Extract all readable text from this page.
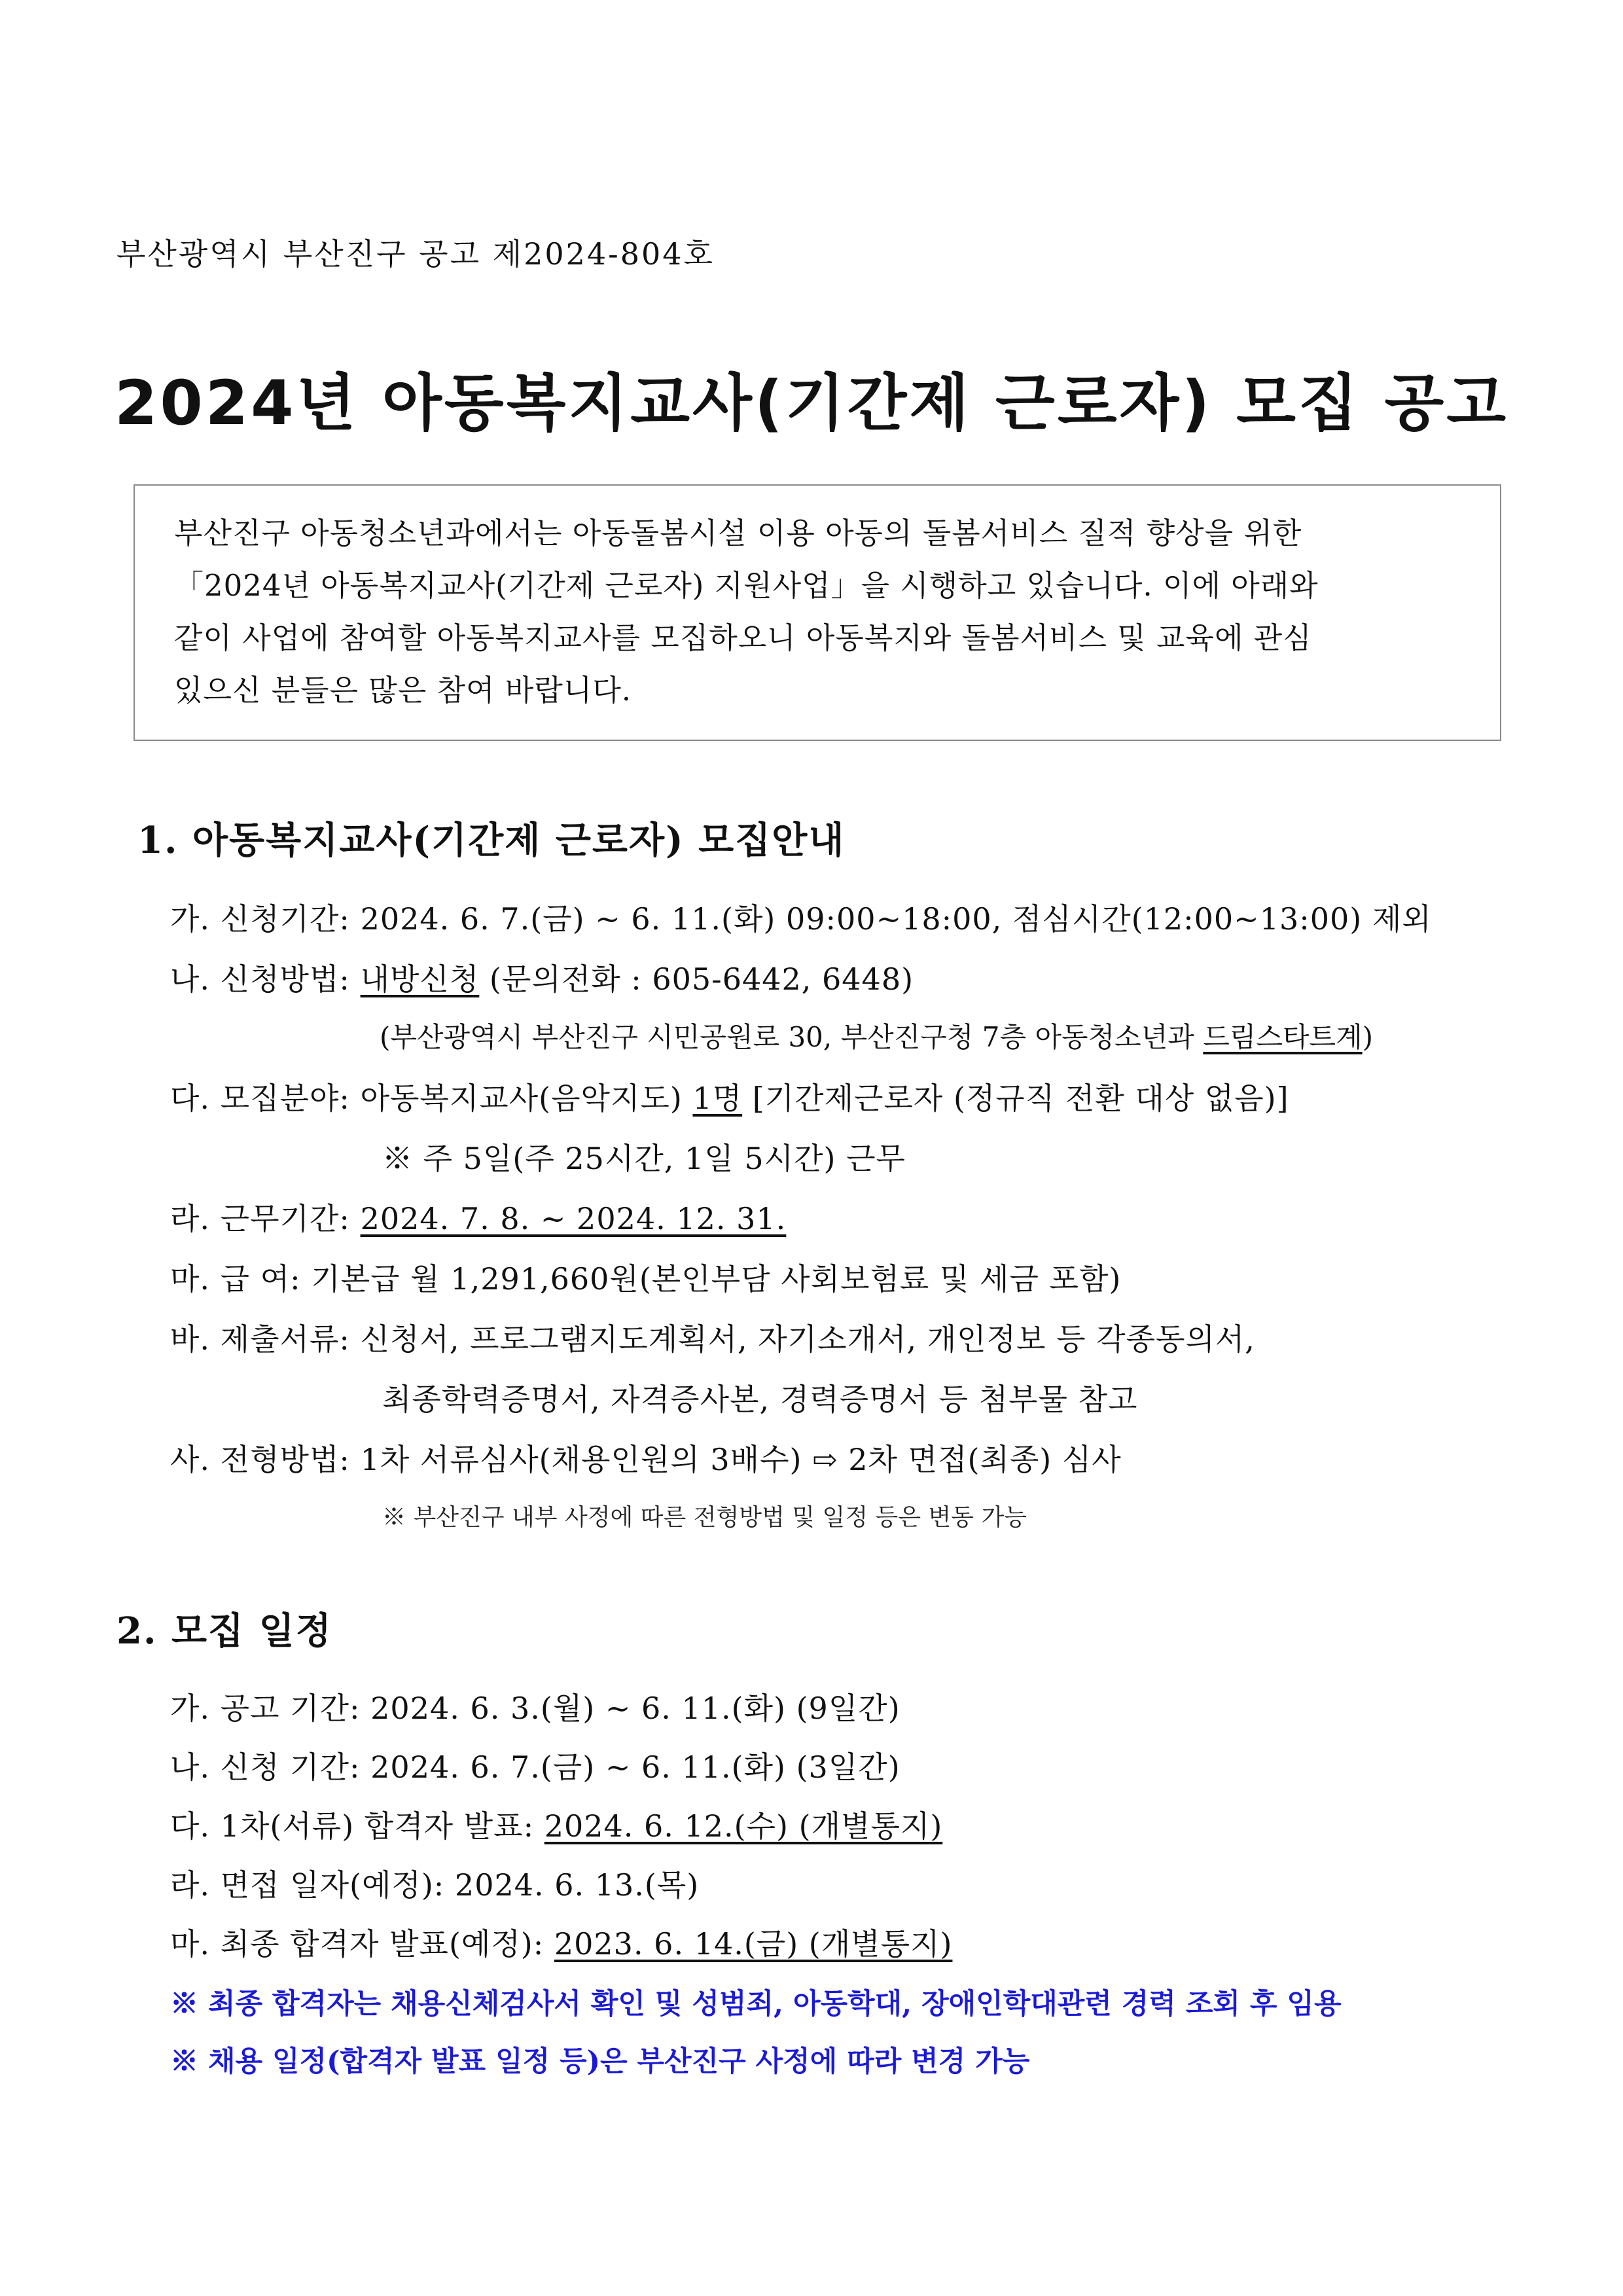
부산광역시 부산진구 공고 제2024-804호
2024년 아동복지교사(기간제 근로자) 모집 공고
부산진구 아동청소년과에서는 아동돌봄시설 이용 아동의 돌봄서비스 질적 향상을 위한
「2024년 아동복지교사(기간제 근로자) 지원사업」을 시행하고 있습니다. 이에 아래와
같이 사업에 참여할 아동복지교사를 모집하오니 아동복지와 돌봄서비스 및 교육에 관심
있으신 분들은 많은 참여 바랍니다.
1. 아동복지교사(기간제 근로자) 모집안내
가. 신청기간: 2024. 6. 7.(금) ~ 6. 11.(화) 09:00~18:00, 점심시간(12:00~13:00) 제외
나. 신청방법: 내방신청 (문의전화 : 605-6442, 6448)
(부산광역시 부산진구 시민공원로 30, 부산진구청 7층 아동청소년과 드림스타트계)
다. 모집분야: 아동복지교사(음악지도) 1명 [기간제근로자 (정규직 전환 대상 없음)]
※ 주 5일(주 25시간, 1일 5시간) 근무
라. 근무기간: 2024. 7. 8. ~ 2024. 12. 31.
마. 급 여: 기본급 월 1,291,660원(본인부담 사회보험료 및 세금 포함)
바. 제출서류: 신청서, 프로그램지도계획서, 자기소개서, 개인정보 등 각종동의서,
최종학력증명서, 자격증사본, 경력증명서 등 첨부물 참고
사. 전형방법: 1차 서류심사(채용인원의 3배수) ⇨ 2차 면접(최종) 심사
※ 부산진구 내부 사정에 따른 전형방법 및 일정 등은 변동 가능
2. 모집 일정
가. 공고 기간: 2024. 6. 3.(월) ~ 6. 11.(화) (9일간)
나. 신청 기간: 2024. 6. 7.(금) ~ 6. 11.(화) (3일간)
다. 1차(서류) 합격자 발표: 2024. 6. 12.(수) (개별통지)
라. 면접 일자(예정): 2024. 6. 13.(목)
마. 최종 합격자 발표(예정): 2023. 6. 14.(금) (개별통지)
※ 최종 합격자는 채용신체검사서 확인 및 성범죄, 아동학대, 장애인학대관련 경력 조회 후 임용
※ 채용 일정(합격자 발표 일정 등)은 부산진구 사정에 따라 변경 가능
